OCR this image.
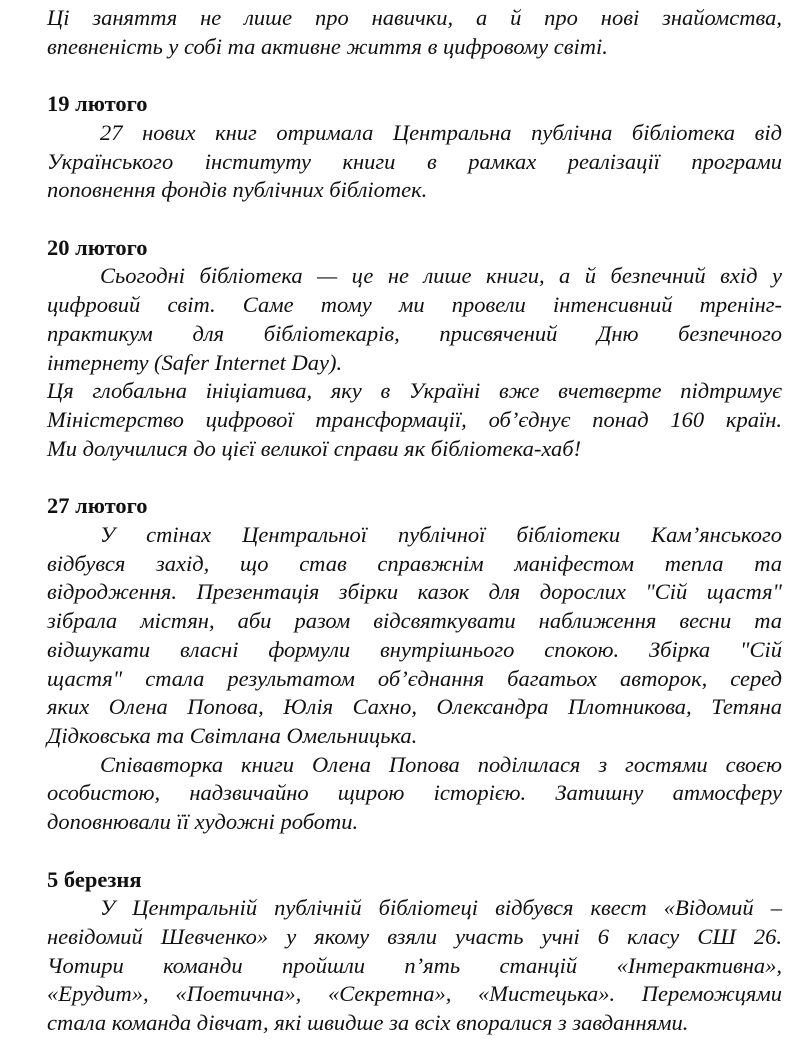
Ці заняття не лише про навички, а й про нові знайомства,
впевненість у собі та активне життя в цифровому світі.
19 лютого
27 нових книг отримала Центральна публічна бібліотека від
Українського інституту книги в рамках реалізації програми
поповнення фондів публічних бібліотек.
20 лютого
Сьогодні бібліотека — це не лише книги, а й безпечний вхід у
цифровий світ. Саме тому ми провели інтенсивний тренінг-
практикум для бібліотекарів, присвячений Дню безпечного
інтернету (Safer Internet Day).
Ця глобальна ініціатива, яку в Україні вже вчетверте підтримує
Міністерство цифрової трансформації, об’єднує понад 160 країн.
Ми долучилися до цієї великої справи як бібліотека-хаб!
27 лютого
У стінах Центральної публічної бібліотеки Кам’янського
відбувся захід, що став справжнім маніфестом тепла та
відродження. Презентація збірки казок для дорослих "Сій щастя"
зібрала містян, аби разом відсвяткувати наближення весни та
відшукати власні формули внутрішнього спокою. Збірка "Сій
щастя" стала результатом об’єднання багатьох авторок, серед
яких Олена Попова, Юлія Сахно, Олександра Плотникова, Тетяна
Дідковська та Світлана Омельницька.
Співавторка книги Олена Попова поділилася з гостями своєю
особистою, надзвичайно щирою історією. Затишну атмосферу
доповнювали її художні роботи.
5 березня
У Центральній публічній бібліотеці відбувся квест «Відомий –
невідомий Шевченко» у якому взяли участь учні 6 класу СШ 26.
Чотири команди пройшли п’ять станцій «Інтерактивна»,
«Ерудит», «Поетична», «Секретна», «Мистецька». Переможцями
стала команда дівчат, які швидше за всіх впоралися з завданнями.
